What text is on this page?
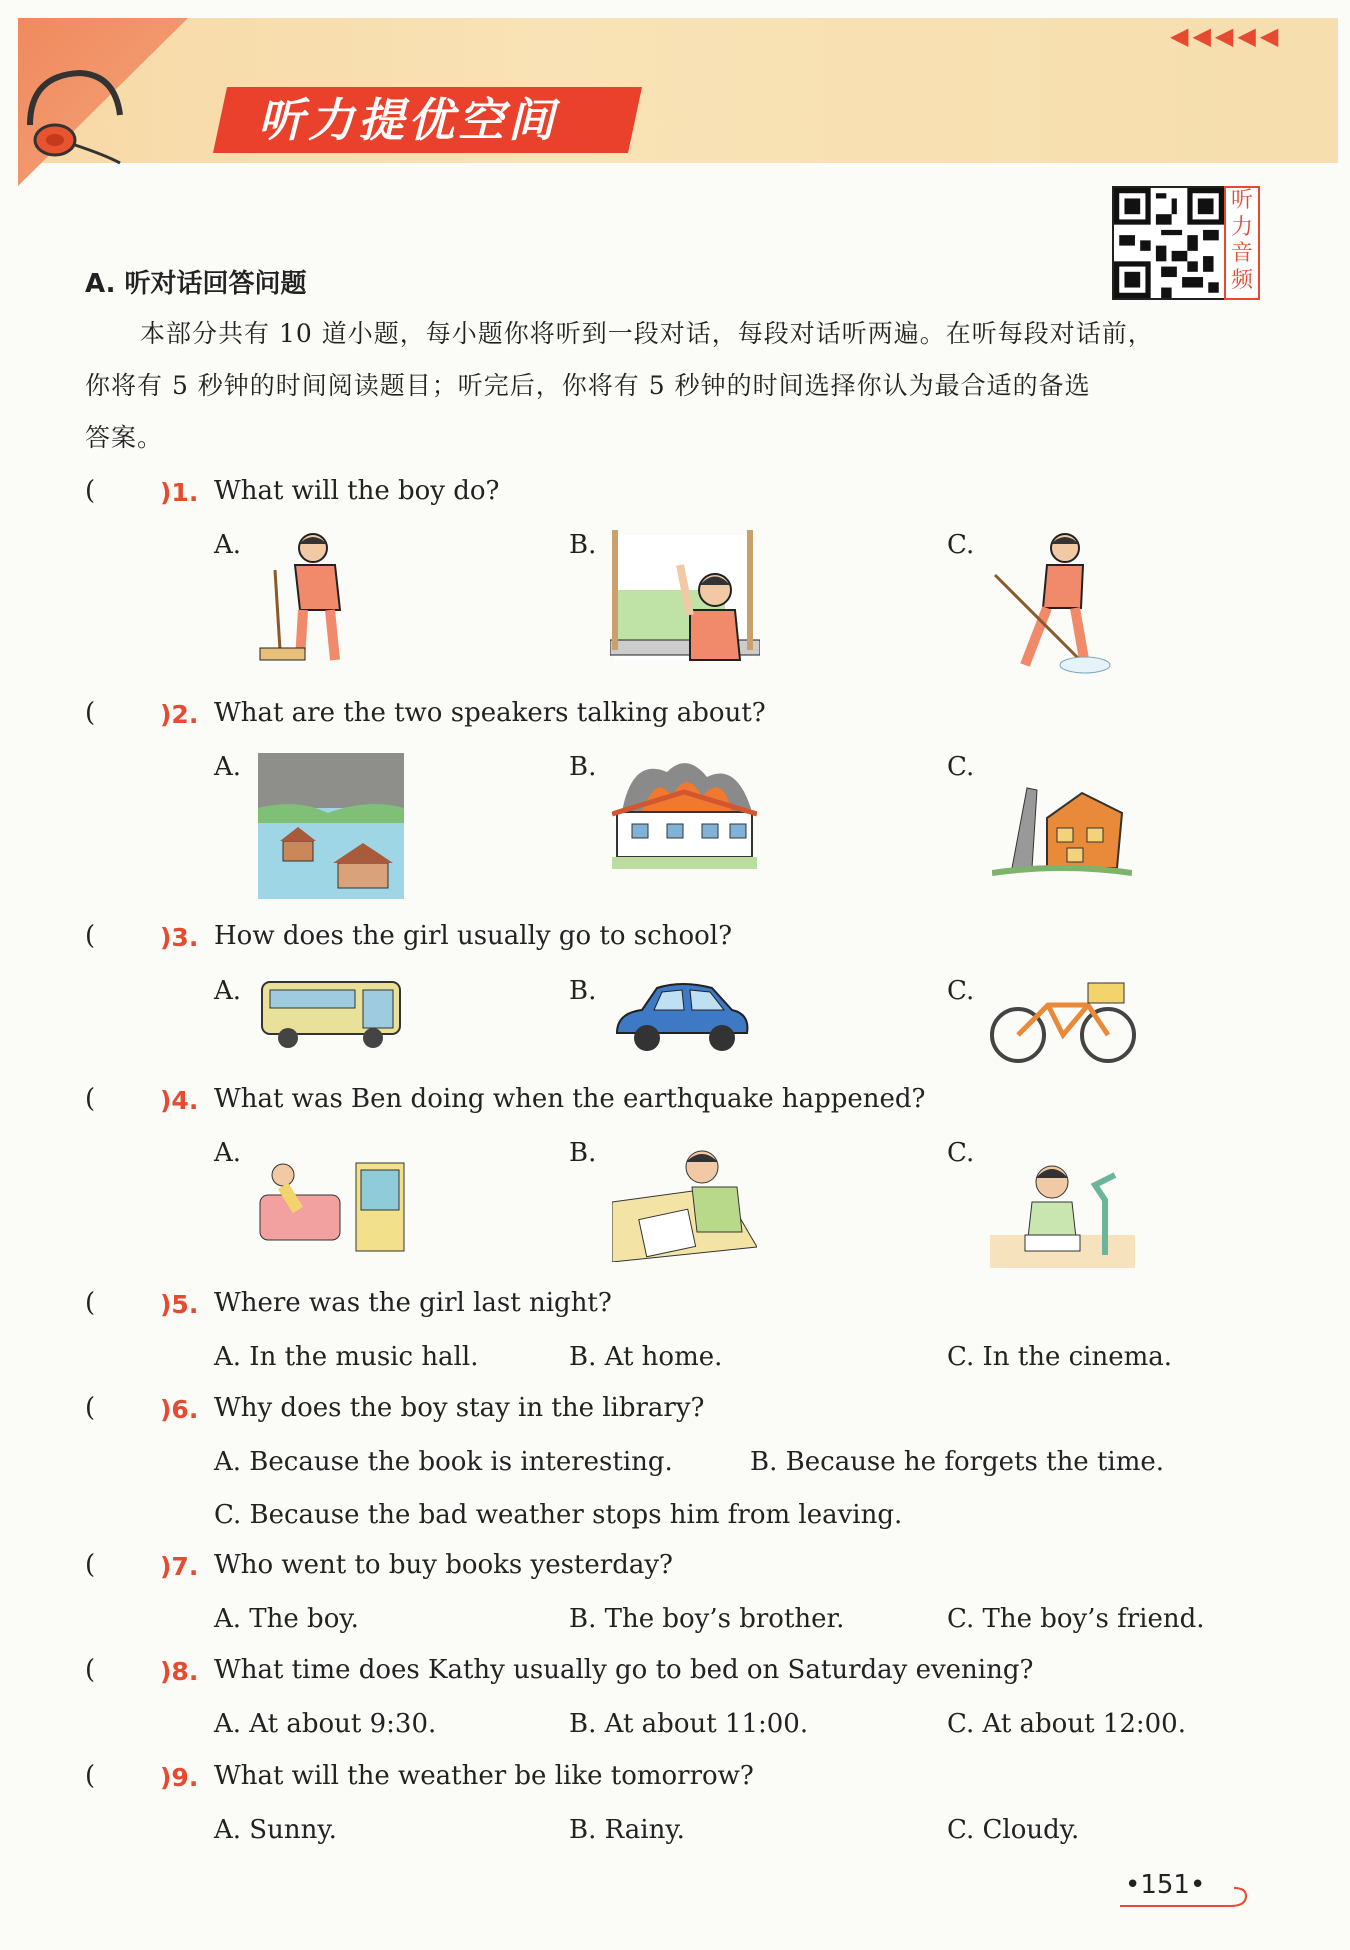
听力提优空间
◀◀◀◀◀
听力音频
A. 听对话回答问题
本部分共有 10 道小题，每小题你将听到一段对话，每段对话听两遍。在听每段对话前，
你将有 5 秒钟的时间阅读题目；听完后，你将有 5 秒钟的时间选择你认为最合适的备选
答案。
(	)1. What will the boy do?
A.	B.	C.
(	)2. What are the two speakers talking about?
A.	B.	C.
(	)3. How does the girl usually go to school?
A.	B.	C.
(	)4. What was Ben doing when the earthquake happened?
A.	B.	C.
(	)5. Where was the girl last night?
A. In the music hall.	B. At home.	C. In the cinema.
(	)6. Why does the boy stay in the library?
A. Because the book is interesting.	B. Because he forgets the time.
C. Because the bad weather stops him from leaving.
(	)7. Who went to buy books yesterday?
A. The boy.	B. The boy’s brother.	C. The boy’s friend.
(	)8. What time does Kathy usually go to bed on Saturday evening?
A. At about 9:30.	B. At about 11:00.	C. At about 12:00.
(	)9. What will the weather be like tomorrow?
A. Sunny.	B. Rainy.	C. Cloudy.
•151•
